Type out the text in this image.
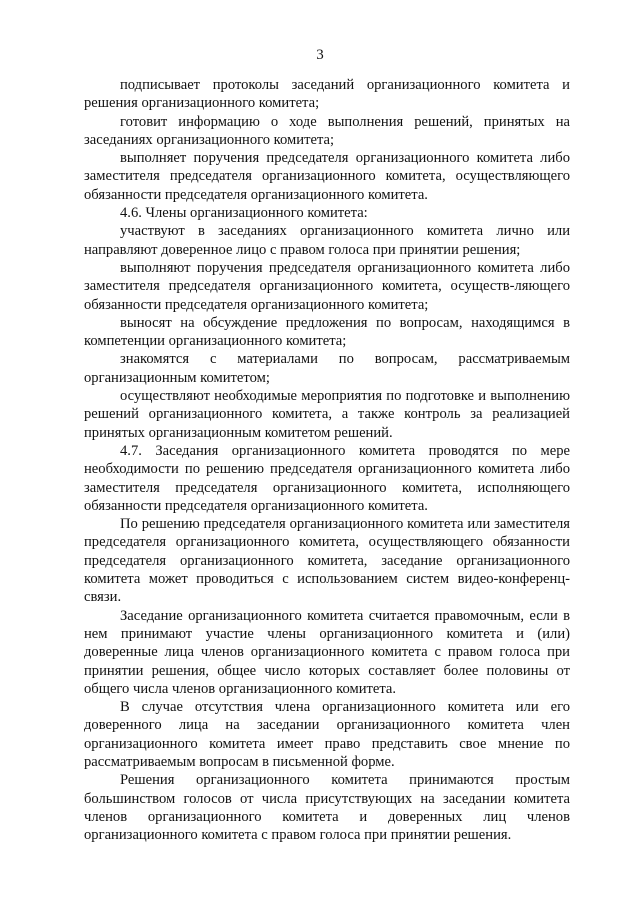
3

подписывает протоколы заседаний организационного комитета и решения организационного комитета;

готовит информацию о ходе выполнения решений, принятых на заседаниях организационного комитета;

выполняет поручения председателя организационного комитета либо заместителя председателя организационного комитета, осуществляющего обязанности председателя организационного комитета.

4.6. Члены организационного комитета:

участвуют в заседаниях организационного комитета лично или направляют доверенное лицо с правом голоса при принятии решения;

выполняют поручения председателя организационного комитета либо заместителя председателя организационного комитета, осуществ-ляющего обязанности председателя организационного комитета;

выносят на обсуждение предложения по вопросам, находящимся в компетенции организационного комитета;

знакомятся с материалами по вопросам, рассматриваемым организационным комитетом;

осуществляют необходимые мероприятия по подготовке и выполнению решений организационного комитета, а также контроль за реализацией принятых организационным комитетом решений.

4.7. Заседания организационного комитета проводятся по мере необходимости по решению председателя организационного комитета либо заместителя председателя организационного комитета, исполняющего обязанности председателя организационного комитета.

По решению председателя организационного комитета или заместителя председателя организационного комитета, осуществляющего обязанности председателя организационного комитета, заседание организационного комитета может проводиться с использованием систем видео-конференц-связи.

Заседание организационного комитета считается правомочным, если в нем принимают участие члены организационного комитета и (или) доверенные лица членов организационного комитета с правом голоса при принятии решения, общее число которых составляет более половины от общего числа членов организационного комитета.

В случае отсутствия члена организационного комитета или его доверенного лица на заседании организационного комитета член организационного комитета имеет право представить свое мнение по рассматриваемым вопросам в письменной форме.

Решения организационного комитета принимаются простым большинством голосов от числа присутствующих на заседании комитета членов организационного комитета и доверенных лиц членов организационного комитета с правом голоса при принятии решения.
